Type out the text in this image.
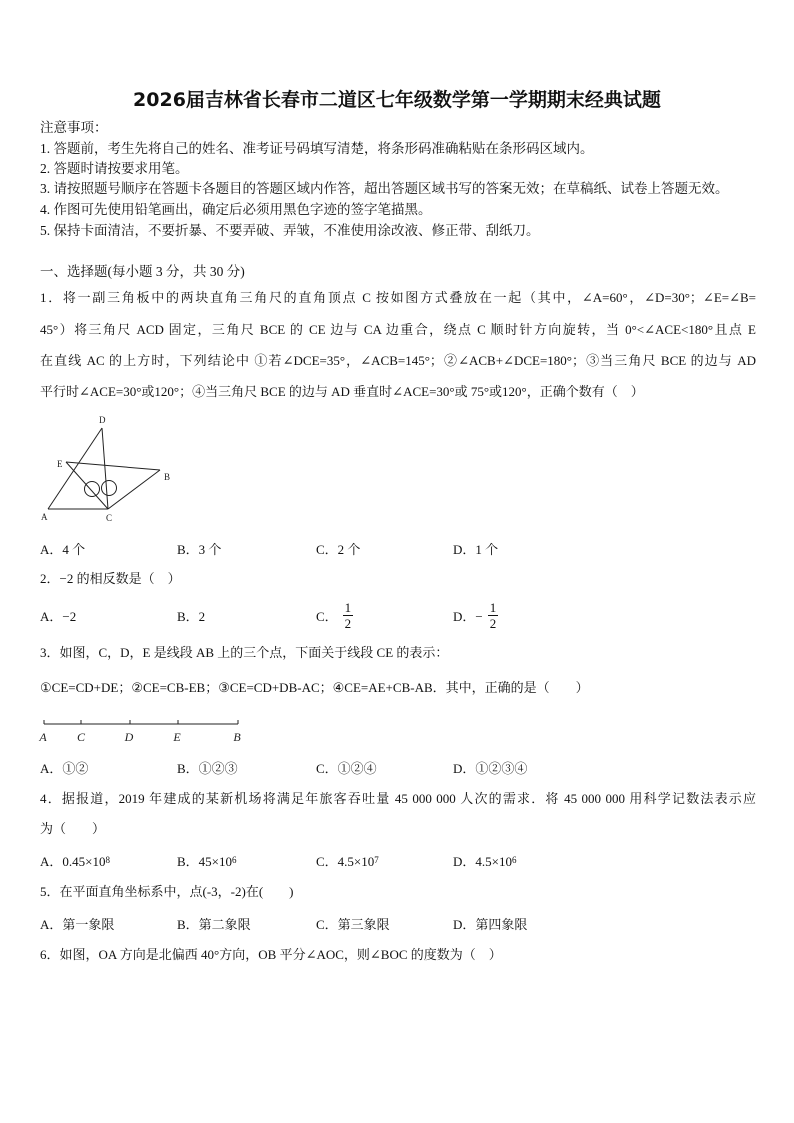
2026届吉林省长春市二道区七年级数学第一学期期末经典试题
注意事项：
1. 答题前，考生先将自己的姓名、准考证号码填写清楚，将条形码准确粘贴在条形码区域内。
2. 答题时请按要求用笔。
3. 请按照题号顺序在答题卡各题目的答题区域内作答，超出答题区域书写的答案无效；在草稿纸、试卷上答题无效。
4. 作图可先使用铅笔画出，确定后必须用黑色字迹的签字笔描黑。
5. 保持卡面清洁，不要折暴、不要弄破、弄皱，不准使用涂改液、修正带、刮纸刀。
一、选择题(每小题 3 分，共 30 分)
1．将一副三角板中的两块直角三角尺的直角顶点 C 按如图方式叠放在一起（其中，∠A=60°，∠D=30°；∠E=∠B=
45°）将三角尺 ACD 固定，三角尺 BCE 的 CE 边与 CA 边重合，绕点 C 顺时针方向旋转，当 0°<∠ACE<180°且点 E
在直线 AC 的上方时，下列结论中 ①若∠DCE=35°，∠ACB=145°；②∠ACB+∠DCE=180°；③当三角尺 BCE 的边与 AD
平行时∠ACE=30°或120°；④当三角尺 BCE 的边与 AD 垂直时∠ACE=30°或 75°或120°，正确个数有（　）
D
E
B
A	C
A．4 个	B．3 个	C．2 个	D．1 个
2．−2 的相反数是（　）
A．−2	B．2	C． $\frac{1}{2}$	D．− $\frac{1}{2}$
3．如图，C，D，E 是线段 AB 上的三个点，下面关于线段 CE 的表示：
①CE=CD+DE；②CE=CB-EB；③CE=CD+DB-AC；④CE=AE+CB-AB．其中，正确的是（　　）
A	C	D	E	B
A．①②	B．①②③	C．①②④	D．①②③④
4．据报道，2019 年建成的某新机场将满足年旅客吞吐量 45 000 000 人次的需求．将 45 000 000 用科学记数法表示应
为（　　）
A．0.45×10 8	B．45×10 6	C．4.5×10 7	D．4.5×10 6
5．在平面直角坐标系中，点(-3，-2)在(　　)
A．第一象限	B．第二象限	C．第三象限	D．第四象限
6．如图，OA 方向是北偏西 40°方向，OB 平分∠AOC，则∠BOC 的度数为（　）
